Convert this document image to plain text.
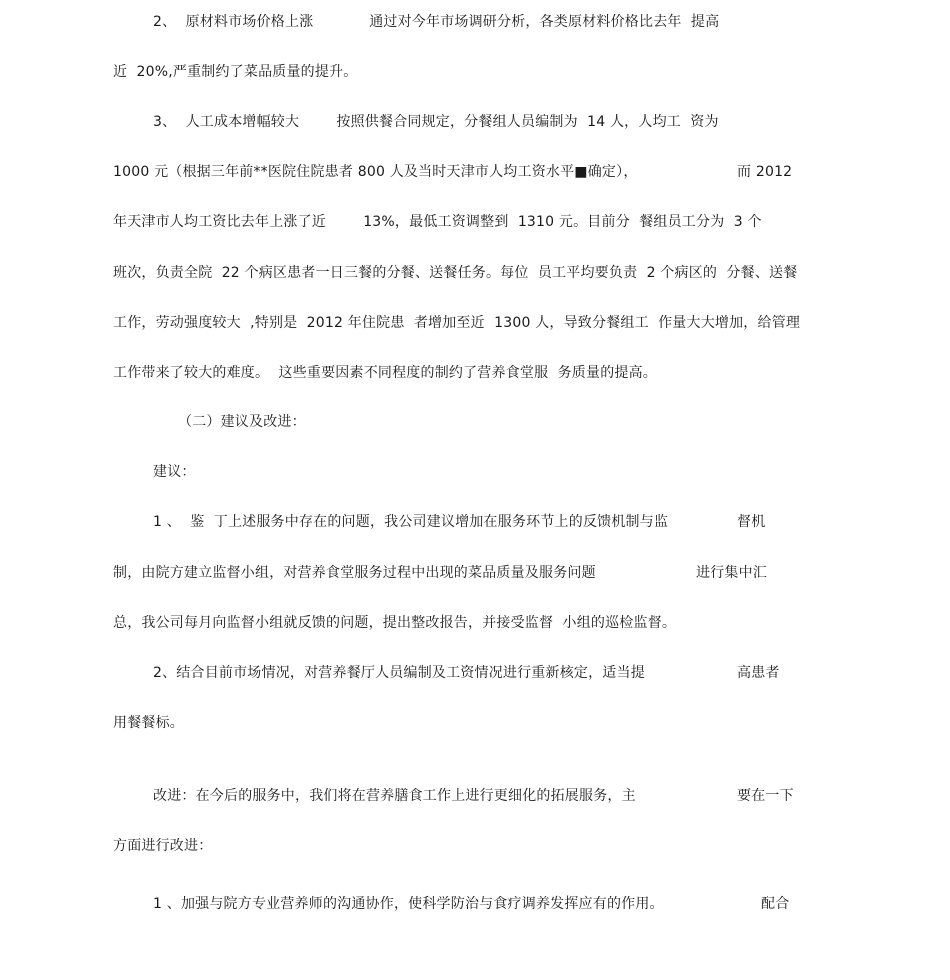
2、  原材料市场价格上涨            通过对今年市场调研分析，各类原材料价格比去年  提高
近  20%,严重制约了菜品质量的提升。
3、  人工成本增幅较大        按照供餐合同规定，分餐组人员编制为  14 人，人均工  资为
1000 元（根据三年前**医院住院患者 800 人及当时天津市人均工资水平■确定），	而 2012
年天津市人均工资比去年上涨了近        13%，最低工资调整到  1310 元。目前分  餐组员工分为  3 个
班次，负责全院  22 个病区患者一日三餐的分餐、送餐任务。每位  员工平均要负责  2 个病区的  分餐、送餐
工作，劳动强度较大  ,特别是  2012 年住院患  者增加至近  1300 人，导致分餐组工  作量大大增加，给管理
工作带来了较大的难度。  这些重要因素不同程度的制约了营养食堂服  务质量的提高。
（二）建议及改进：
建议：
1 、  鉴  丁上述服务中存在的问题，我公司建议增加在服务环节上的反馈机制与监	督机
制，由院方建立监督小组，对营养食堂服务过程中出现的菜品质量及服务问题	进行集中汇
总，我公司每月向监督小组就反馈的问题，提出整改报告，并接受监督  小组的巡检监督。
2、结合目前市场情况，对营养餐厅人员编制及工资情况进行重新核定，适当提	高患者
用餐餐标。
改进：在今后的服务中，我们将在营养膳食工作上进行更细化的拓展服务，主	要在一下
方面进行改进：
1 、加强与院方专业营养师的沟通协作，使科学防治与食疗调养发挥应有的作用。	配合
